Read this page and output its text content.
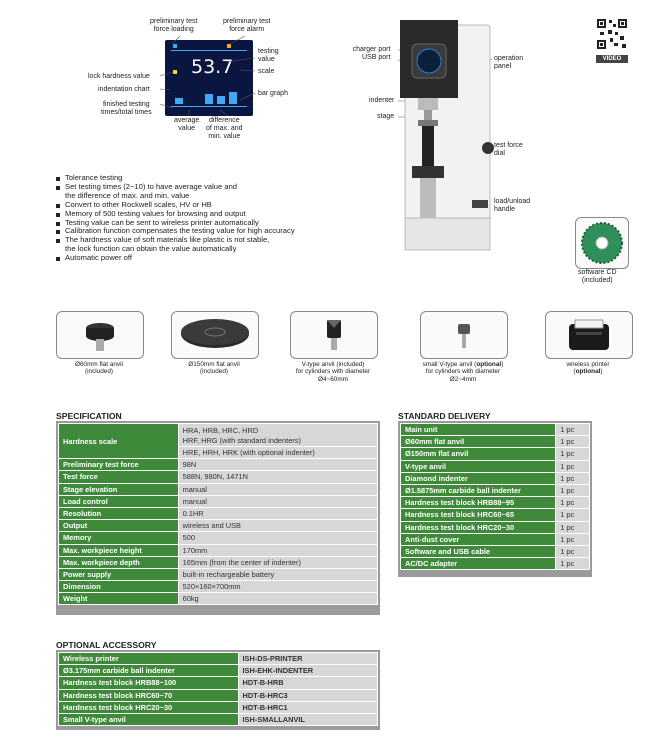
53.7
preliminary test
force loading
preliminary test
force alarm
testing
value
scale
lock hardness value
indentation chart
bar graph
finished testing
times/total times
average
value
difference
of max. and
min. value
charger port
USB port	operation
panel
indenter
stage
test force
dial
load/unload
handle
VIDEO
Tolerance testing
Set testing times (2~10) to have average value and
the difference of max. and min. value
Convert to other Rockwell scales, HV or HB
Memory of 500 testing values for browsing and output
Testing value can be sent to wireless printer automatically
Calibration function compensates the testing value for high accuracy
The hardness value of soft materials like plastic is not stable,
the lock function can obtain the value automatically
Automatic power off
software CD
(included)
Ø60mm flat anvil
(included)
Ø150mm flat anvil
(included)
V-type anvil (included)
for cylinders with diameter
Ø4~60mm
small V-type anvil (optional)
for cylinders with diameter
Ø2~4mm
wireless printer
(optional)
SPECIFICATION
Hardness scale	HRA, HRB, HRC, HRD
HRF, HRG (with standard indenters)

	HRE, HRH, HRK (with optional indenter)
Preliminary test force	98N
Test force	588N, 980N, 1471N
Stage elevation	manual
Load control	manual
Resolution	0.1HR
Output	wireless and USB
Memory	500
Max. workpiece height	170mm
Max. workpiece depth	165mm (from the center of indenter)
Power supply	built-in rechargeable battery
Dimension	520×160×700mm
Weight	60kg
STANDARD DELIVERY
Main unit	1 pc
Ø60mm flat anvil	1 pc
Ø150mm flat anvil	1 pc
V-type anvil	1 pc
Diamond indenter	1 pc
Ø1.5875mm carbide ball indenter	1 pc
Hardness test block HRB88~95	1 pc
Hardness test block HRC60~65	1 pc
Hardness test block HRC20~30	1 pc
Anti-dust cover	1 pc
Software and USB cable	1 pc
AC/DC adapter	1 pc
OPTIONAL ACCESSORY
Wireless printer	ISH-DS-PRINTER
Ø3.175mm carbide ball indenter	ISH-EHK-INDENTER
Hardness test block HRB88~100	HDT-B-HRB
Hardness test block HRC60~70	HDT-B-HRC3
Hardness test block HRC20~30	HDT-B-HRC1
Small V-type anvil	ISH-SMALLANVIL
